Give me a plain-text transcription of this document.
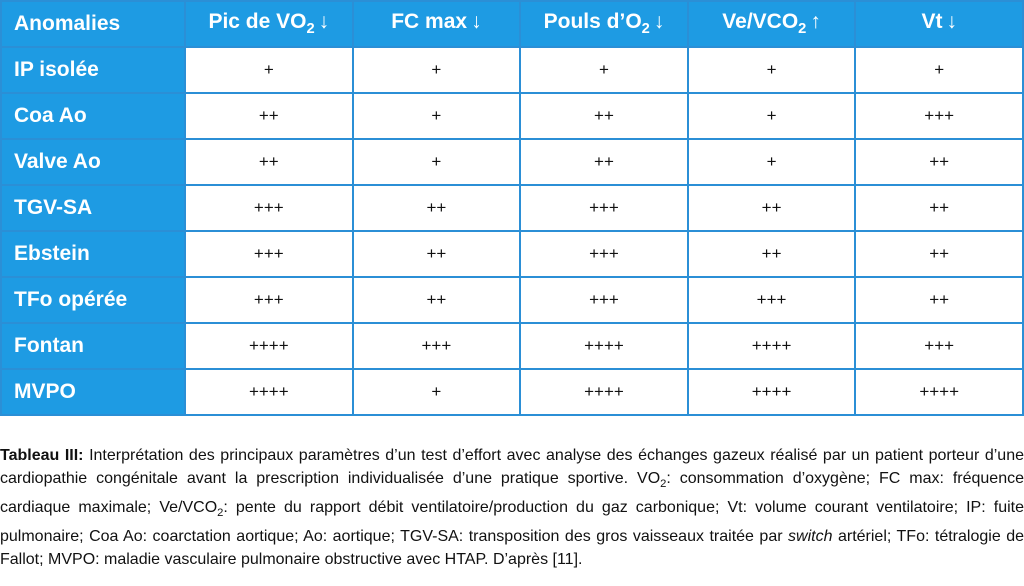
Anomalies	Pic de $VO_2$ ↓	FC max ↓	Pouls $d’O_2$ ↓	$Ve/VCO_2$ ↑	Vt ↓
IP isolée	+	+	+	+	+
Coa Ao	++	+	++	+	+++
Valve Ao	++	+	++	+	++
TGV-SA	+++	++	+++	++	++
Ebstein	+++	++	+++	++	++
TFo opérée	+++	++	+++	+++	++
Fontan	++++	+++	++++	++++	+++
MVPO	++++	+	++++	++++	++++

Tableau III: Interprétation des principaux paramètres d’un test d’effort avec analyse des échanges gazeux réalisé par un patient porteur d’une cardiopathie congénitale avant la prescription individualisée d’une pratique sportive. $VO_2$: consommation d’oxygène; FC max: fréquence cardiaque maximale; $Ve/VCO_2$: pente du rapport débit ventilatoire/production du gaz carbonique; Vt: volume courant ventilatoire; IP: fuite pulmonaire; Coa Ao: coarctation aortique; Ao: aortique; TGV-SA: transposition des gros vaisseaux traitée par switch artériel; TFo: tétralogie de Fallot; MVPO: maladie vasculaire pulmonaire obstructive avec HTAP. D’après [11].
